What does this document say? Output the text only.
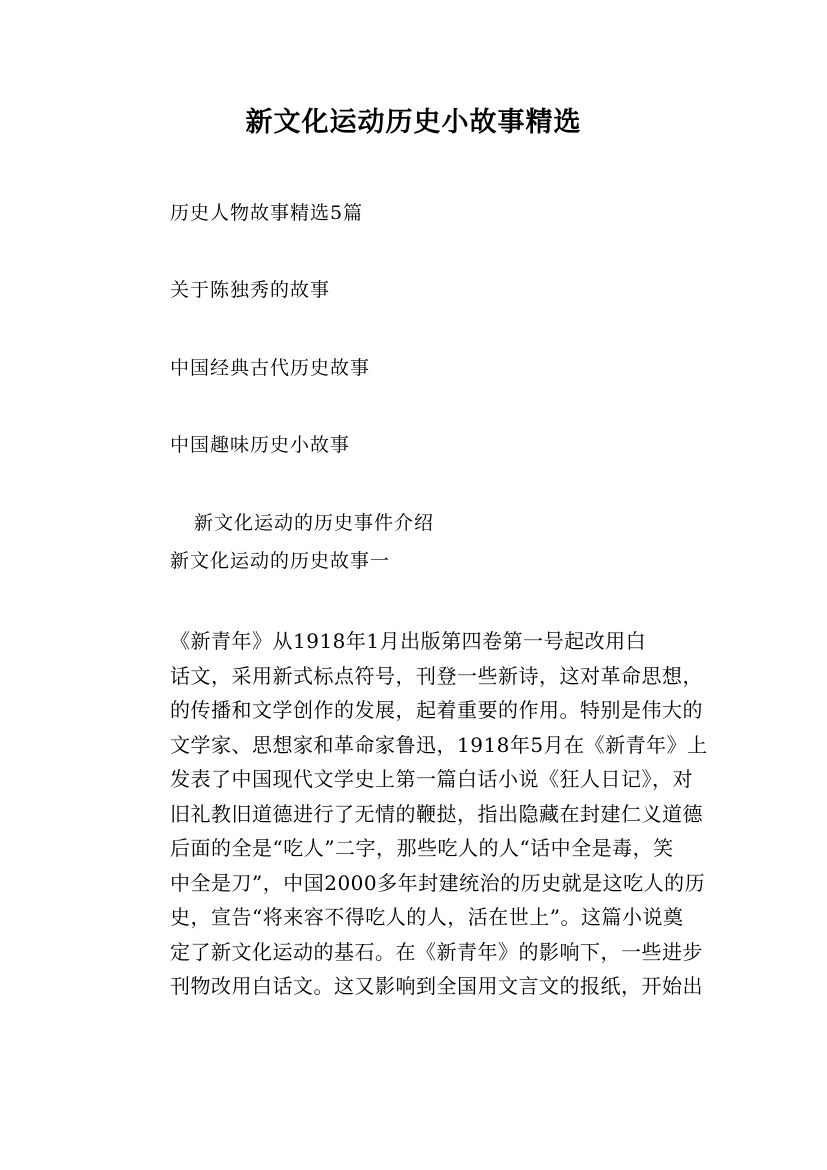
新文化运动历史小故事精选
历史人物故事精选5篇
关于陈独秀的故事
中国经典古代历史故事
中国趣味历史小故事
新文化运动的历史事件介绍
新文化运动的历史故事一
《新青年》从1918年1月出版第四卷第一号起改用白
话文，采用新式标点符号，刊登一些新诗，这对革命思想，
的传播和文学创作的发展，起着重要的作用。特别是伟大的
文学家、思想家和革命家鲁迅，1918年5月在《新青年》上
发表了中国现代文学史上第一篇白话小说《狂人日记》，对
旧礼教旧道德进行了无情的鞭挞，指出隐藏在封建仁义道德
后面的全是“吃人”二字，那些吃人的人“话中全是毒，笑
中全是刀”，中国2000多年封建统治的历史就是这吃人的历
史，宣告“将来容不得吃人的人，活在世上”。这篇小说奠
定了新文化运动的基石。在《新青年》的影响下，一些进步
刊物改用白话文。这又影响到全国用文言文的报纸，开始出
